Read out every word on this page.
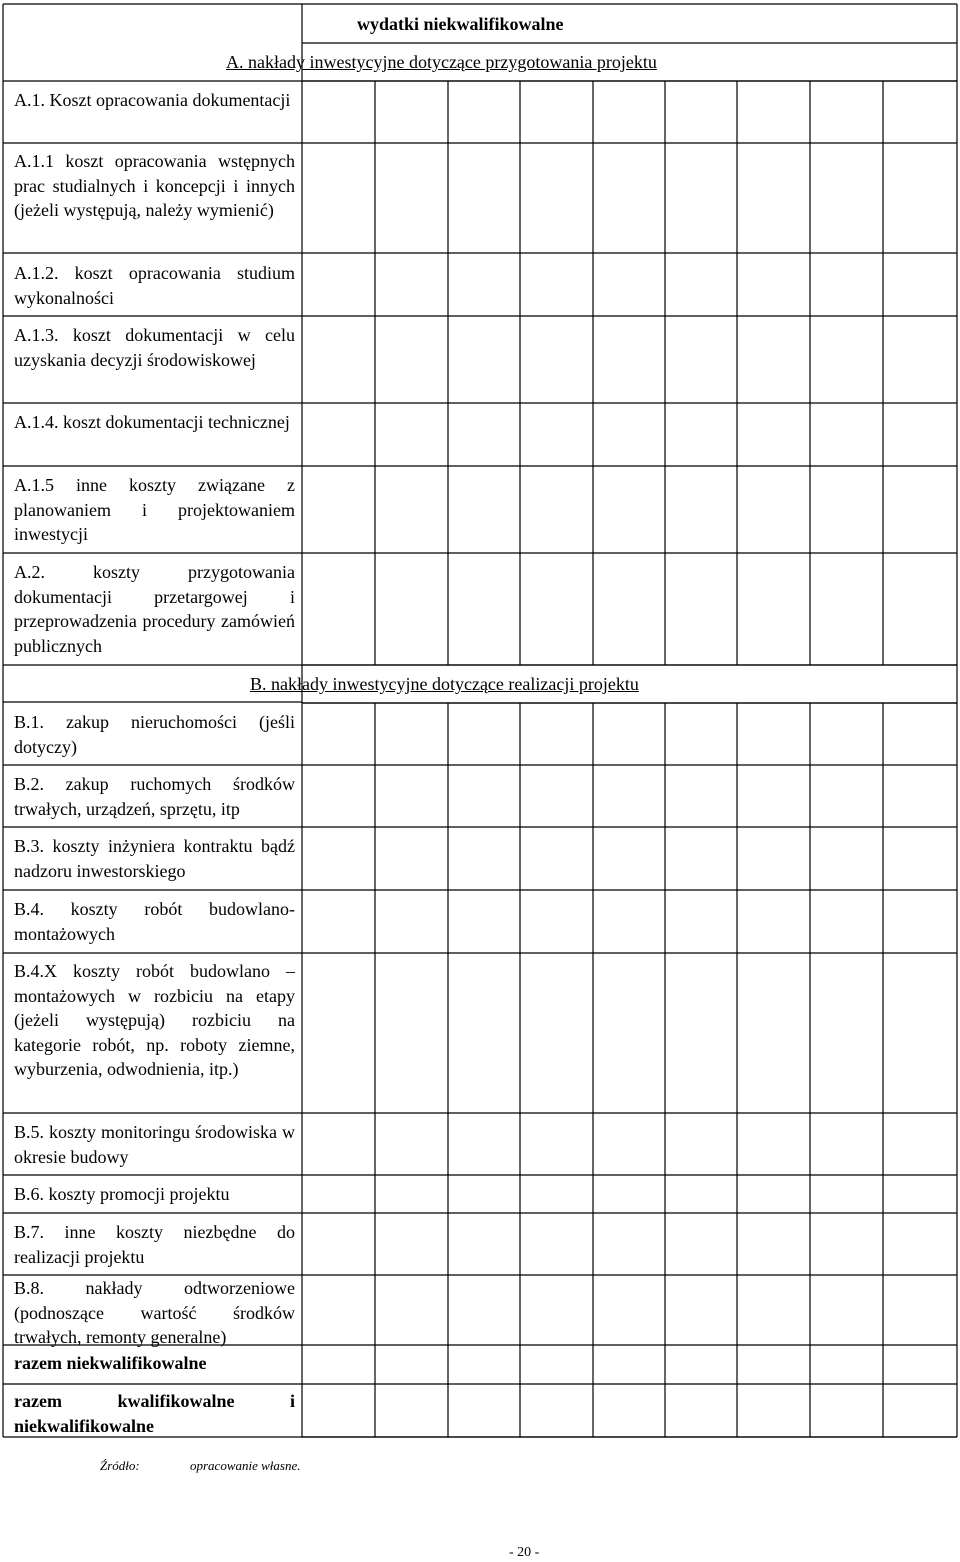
wydatki niekwalifikowalne
A. nakłady inwestycyjne dotyczące przygotowania projektu
B. nakłady inwestycyjne dotyczące realizacji projektu
A.1. Koszt opracowania dokumentacji
A.1.1 koszt opracowania wstępnych prac studialnych i koncepcji i innych (jeżeli występują, należy wymienić)
A.1.2. koszt opracowania studium wykonalności
A.1.3. koszt dokumentacji w celu uzyskania decyzji środowiskowej
A.1.4. koszt dokumentacji technicznej
A.1.5 inne koszty związane z planowaniem i projektowaniem inwestycji
A.2. koszty przygotowania dokumentacji przetargowej i przeprowadzenia procedury zamówień publicznych
B.1. zakup nieruchomości (jeśli dotyczy)
B.2. zakup ruchomych środków trwałych, urządzeń, sprzętu, itp
B.3. koszty inżyniera kontraktu bądź nadzoru inwestorskiego
B.4. koszty robót budowlano-montażowych
B.4.X koszty robót budowlano – montażowych w rozbiciu na etapy (jeżeli występują) rozbiciu na kategorie robót, np. roboty ziemne, wyburzenia, odwodnienia, itp.)
B.5. koszty monitoringu środowiska w okresie budowy
B.6. koszty promocji projektu
B.7. inne koszty niezbędne do realizacji projektu
B.8. nakłady odtworzeniowe (podnoszące wartość środków trwałych, remonty generalne)
razem niekwalifikowalne
razem kwalifikowalne i niekwalifikowalne
Źródło:	opracowanie własne.
- 20 -
